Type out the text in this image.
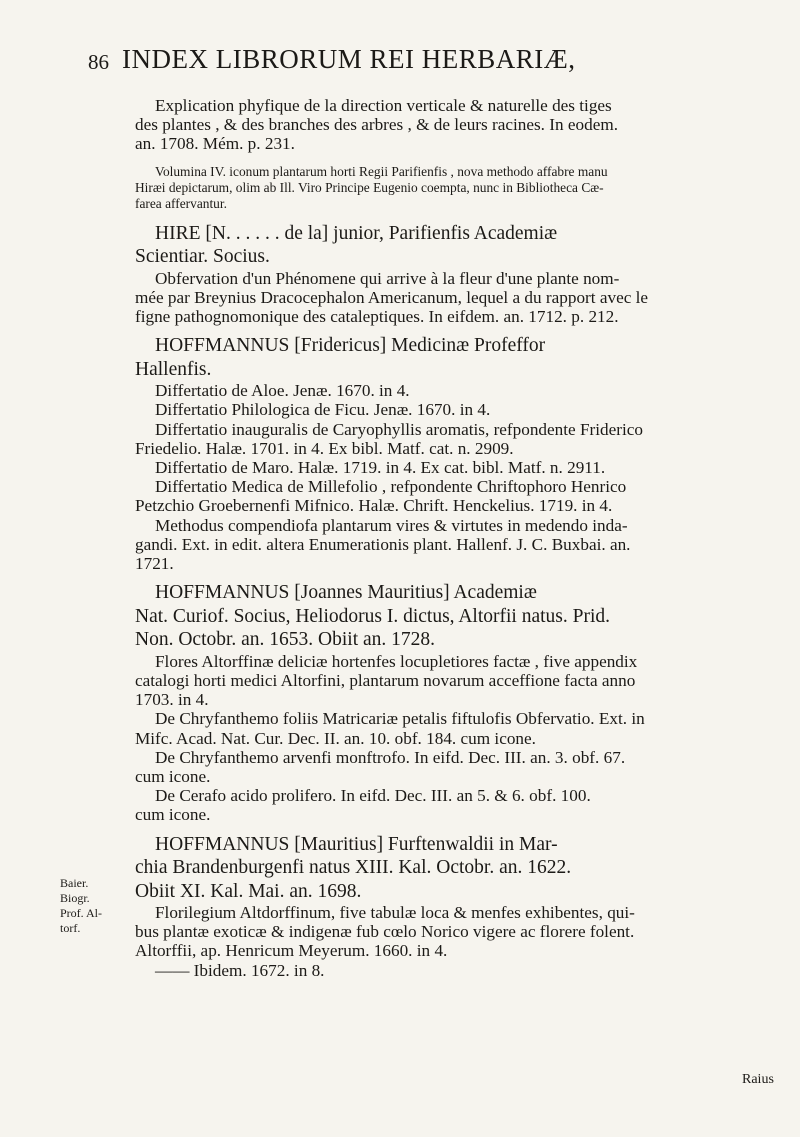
86 INDEX LIBRORUM REI HERBARIÆ,
Explication phyfique de la direction verticale & naturelle des tiges
des plantes , & des branches des arbres , & de leurs racines. In eodem.
an. 1708. Mém. p. 231.
Volumina IV. iconum plantarum horti Regii Parifienfis , nova methodo affabre manu
Hiræi depictarum, olim ab Ill. Viro Principe Eugenio coempta, nunc in Bibliotheca Cæ-
farea affervantur.
HIRE [N. . . . . . de la] junior, Parifienfis Academiæ
Scientiar. Socius.
Obfervation d'un Phénomene qui arrive à la fleur d'une plante nom-
mée par Breynius Dracocephalon Americanum, lequel a du rapport avec le
figne pathognomonique des cataleptiques. In eifdem. an. 1712. p. 212.
HOFFMANNUS [Fridericus] Medicinæ Profeffor
Hallenfis.
Differtatio de Aloe. Jenæ. 1670. in 4.
Differtatio Philologica de Ficu. Jenæ. 1670. in 4.
Differtatio inauguralis de Caryophyllis aromatis, refpondente Friderico
Friedelio. Halæ. 1701. in 4. Ex bibl. Matf. cat. n. 2909.
Differtatio de Maro. Halæ. 1719. in 4. Ex cat. bibl. Matf. n. 2911.
Differtatio Medica de Millefolio , refpondente Chriftophoro Henrico
Petzchio Groebernenfi Mifnico. Halæ. Chrift. Henckelius. 1719. in 4.
Methodus compendiofa plantarum vires & virtutes in medendo inda-
gandi. Ext. in edit. altera Enumerationis plant. Hallenf. J. C. Buxbai. an.
1721.
HOFFMANNUS [Joannes Mauritius] Academiæ
Nat. Curiof. Socius, Heliodorus I. dictus, Altorfii natus. Prid.
Non. Octobr. an. 1653. Obiit an. 1728.
Flores Altorffinæ deliciæ hortenfes locupletiores factæ , five appendix
catalogi horti medici Altorfini, plantarum novarum acceffione facta anno
1703. in 4.
De Chryfanthemo foliis Matricariæ petalis fiftulofis Obfervatio. Ext. in
Mifc. Acad. Nat. Cur. Dec. II. an. 10. obf. 184. cum icone.
De Chryfanthemo arvenfi monftrofo. In eifd. Dec. III. an. 3. obf. 67.
cum icone.
De Cerafo acido prolifero. In eifd. Dec. III. an 5. & 6. obf. 100.
cum icone.
HOFFMANNUS [Mauritius] Furftenwaldii in Mar-
chia Brandenburgenfi natus XIII. Kal. Octobr. an. 1622.
Obiit XI. Kal. Mai. an. 1698.
Florilegium Altdorffinum, five tabulæ loca & menfes exhibentes, qui-
bus plantæ exoticæ & indigenæ fub cœlo Norico vigere ac florere folent.
Altorffii, ap. Henricum Meyerum. 1660. in 4.
—— Ibidem. 1672. in 8.
Baier.
Biogr.
Prof. Al-
torf.
Raius
